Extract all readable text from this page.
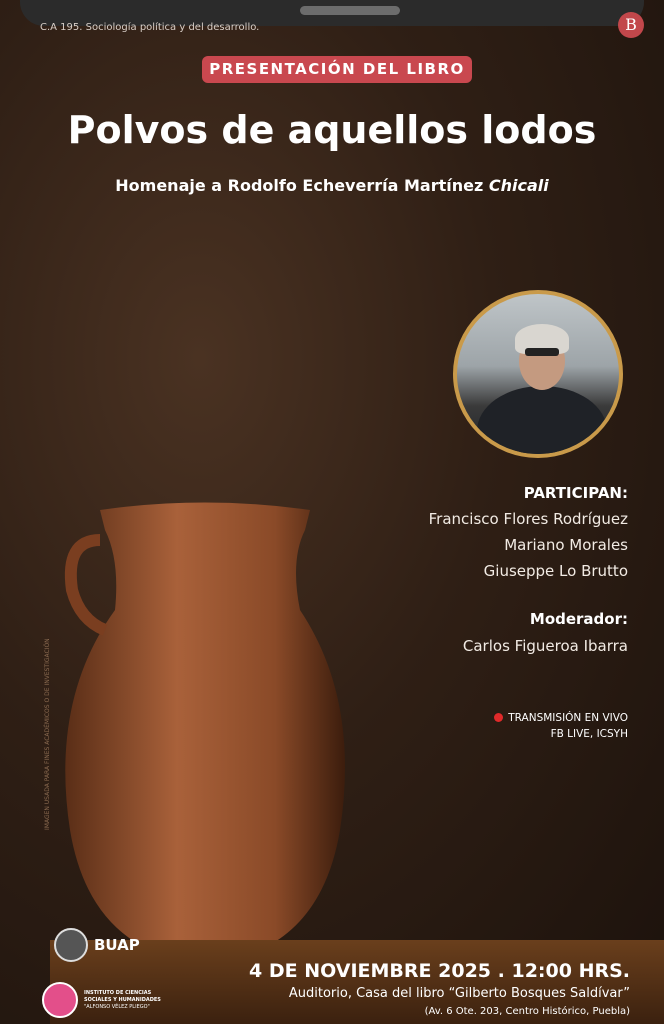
C.A 195. Sociología política y del desarrollo.	B
PRESENTACIÓN DEL LIBRO
Polvos de aquellos lodos
Homenaje a Rodolfo Echeverría Martínez Chicali
IMAGEN USADA PARA FINES ACADÉMICOS O DE INVESTIGACIÓN
PARTICIPAN:
Francisco Flores Rodríguez
Mariano Morales
Giuseppe Lo Brutto
Moderador:
Carlos Figueroa Ibarra
TRANSMISIÓN EN VIVO
FB LIVE, ICSYH
BUAP
INSTITUTO DE CIENCIAS
SOCIALES Y HUMANIDADES
"ALFONSO VÉLEZ PLIEGO"
4 DE NOVIEMBRE 2025 . 12:00 HRS.
Auditorio, Casa del libro “Gilberto Bosques Saldívar”
(Av. 6 Ote. 203, Centro Histórico, Puebla)
